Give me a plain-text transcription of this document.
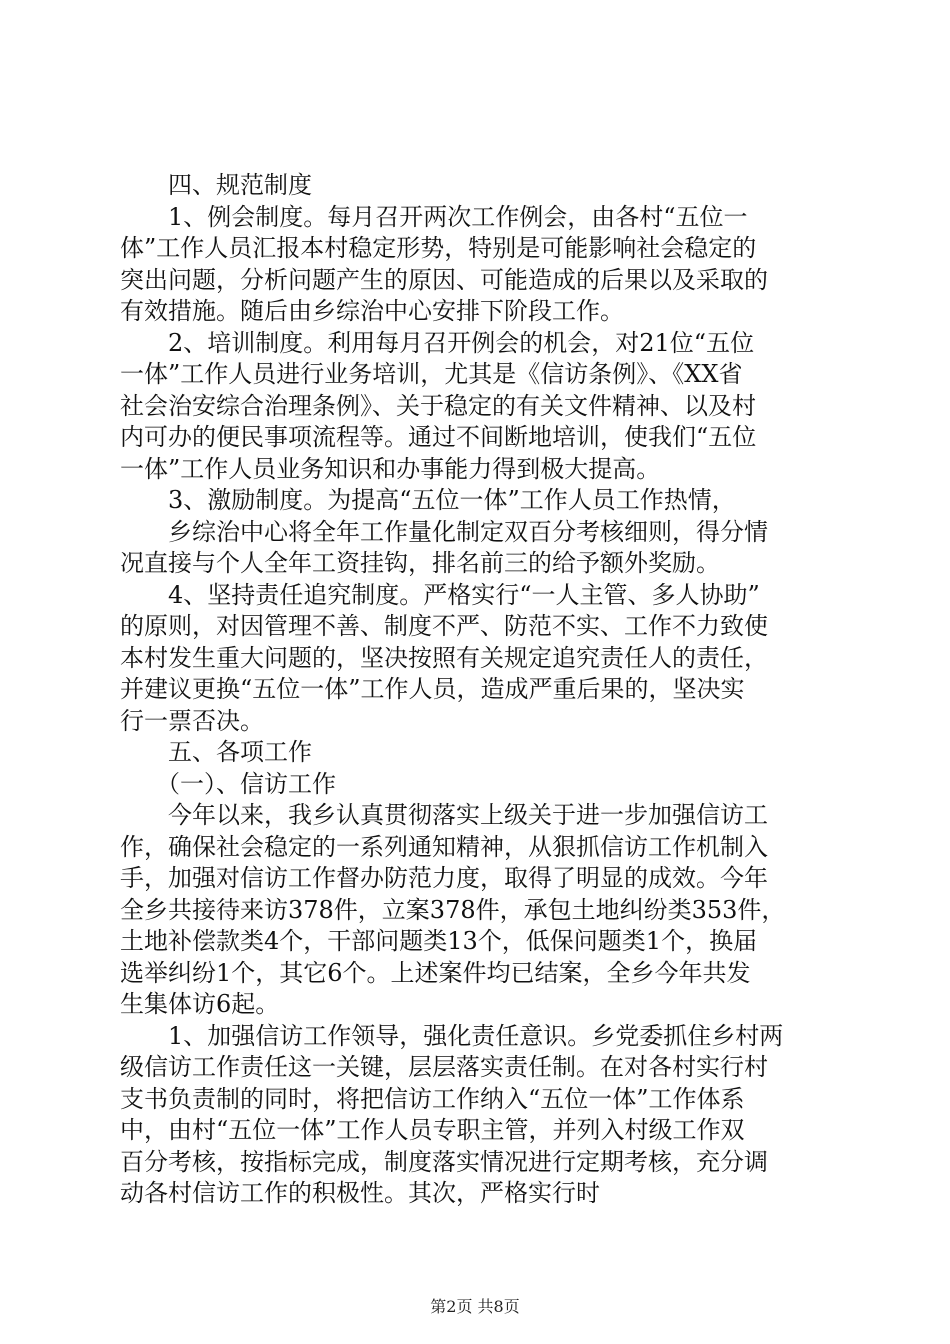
　　四、规范制度
　　1、例会制度。每月召开两次工作例会，由各村“五位一
体”工作人员汇报本村稳定形势，特别是可能影响社会稳定的
突出问题，分析问题产生的原因、可能造成的后果以及采取的
有效措施。随后由乡综治中心安排下阶段工作。
　　2、培训制度。利用每月召开例会的机会，对21位“五位
一体”工作人员进行业务培训，尤其是《信访条例》、《XX省
社会治安综合治理条例》、关于稳定的有关文件精神、以及村
内可办的便民事项流程等。通过不间断地培训，使我们“五位
一体”工作人员业务知识和办事能力得到极大提高。
　　3、激励制度。为提高“五位一体”工作人员工作热情，
　　乡综治中心将全年工作量化制定双百分考核细则，得分情
况直接与个人全年工资挂钩，排名前三的给予额外奖励。
　　4、坚持责任追究制度。严格实行“一人主管、多人协助”
的原则，对因管理不善、制度不严、防范不实、工作不力致使
本村发生重大问题的，坚决按照有关规定追究责任人的责任，
并建议更换“五位一体”工作人员，造成严重后果的，坚决实
行一票否决。
　　五、各项工作
　　（一）、信访工作
　　今年以来，我乡认真贯彻落实上级关于进一步加强信访工
作，确保社会稳定的一系列通知精神，从狠抓信访工作机制入
手，加强对信访工作督办防范力度，取得了明显的成效。今年
全乡共接待来访378件，立案378件，承包土地纠纷类353件，
土地补偿款类4个，干部问题类13个，低保问题类1个，换届
选举纠纷1个，其它6个。上述案件均已结案，全乡今年共发
生集体访6起。
　　1、加强信访工作领导，强化责任意识。乡党委抓住乡村两
级信访工作责任这一关键，层层落实责任制。在对各村实行村
支书负责制的同时，将把信访工作纳入“五位一体”工作体系
中，由村“五位一体”工作人员专职主管，并列入村级工作双
百分考核，按指标完成，制度落实情况进行定期考核，充分调
动各村信访工作的积极性。其次，严格实行时
第2页 共8页
